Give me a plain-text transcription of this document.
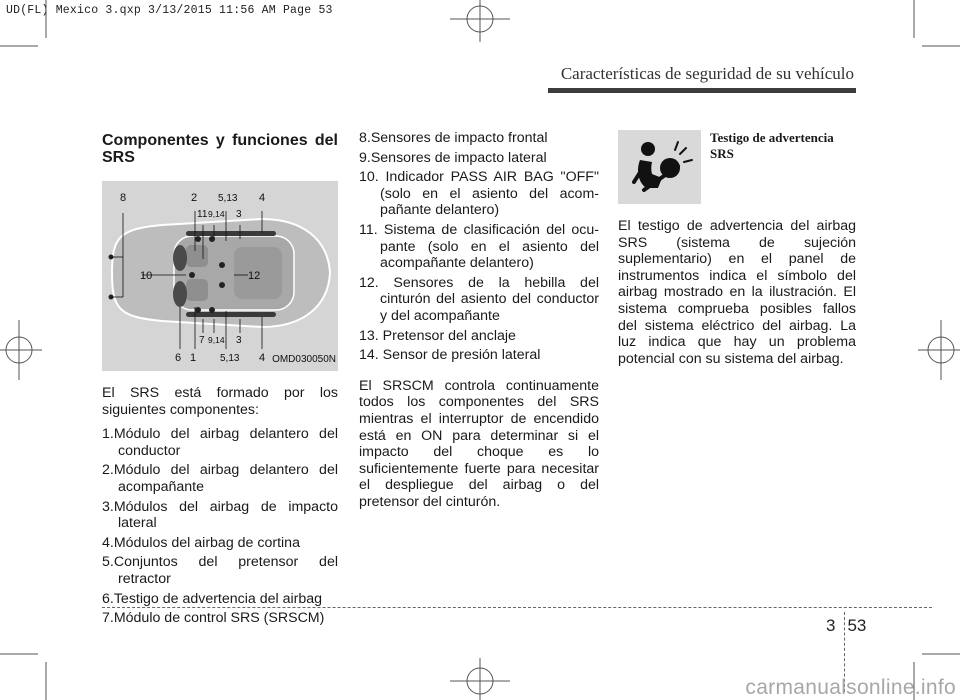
UD(FL) Mexico 3.qxp 3/13/2015 11:56 AM Page 53
Características de seguridad de su vehículo
Componentes y funciones del SRS
8	2 5,13 4
11 9,14 3
10	12
7 9,14 3
6 1 5,13 4 OMD030050N

El SRS está formado por los siguientes componentes:

1.Módulo del airbag delantero del conductor
2.Módulo del airbag delantero del acompañante
3.Módulos del airbag de impacto lateral
4.Módulos del airbag de cortina
5.Conjuntos del pretensor del retractor
6.Testigo de advertencia del airbag
7.Módulo de control SRS (SRSCM)
8.Sensores de impacto frontal
9.Sensores de impacto lateral
10. Indicador PASS AIR BAG "OFF" (solo en el asiento del acom- pañante delantero)
11. Sistema de clasificación del ocu- pante (solo en el asiento del acompañante delantero)
12. Sensores de la hebilla del cinturón del asiento del conductor y del acompañante
13. Pretensor del anclaje
14. Sensor de presión lateral

El SRSCM controla continuamente todos los componentes del SRS mientras el interruptor de encendido está en ON para determinar si el impacto del choque es lo suficientemente fuerte para necesitar el despliegue del airbag o del pretensor del cinturón.

Testigo de advertencia SRS

El testigo de advertencia del airbag SRS (sistema de sujeción suplementario) en el panel de instrumentos indica el símbolo del airbag mostrado en la ilustración. El sistema comprueba posibles fallos del sistema eléctrico del airbag. La luz indica que hay un problema potencial con su sistema del airbag.

3 53
carmanualsonline.info
